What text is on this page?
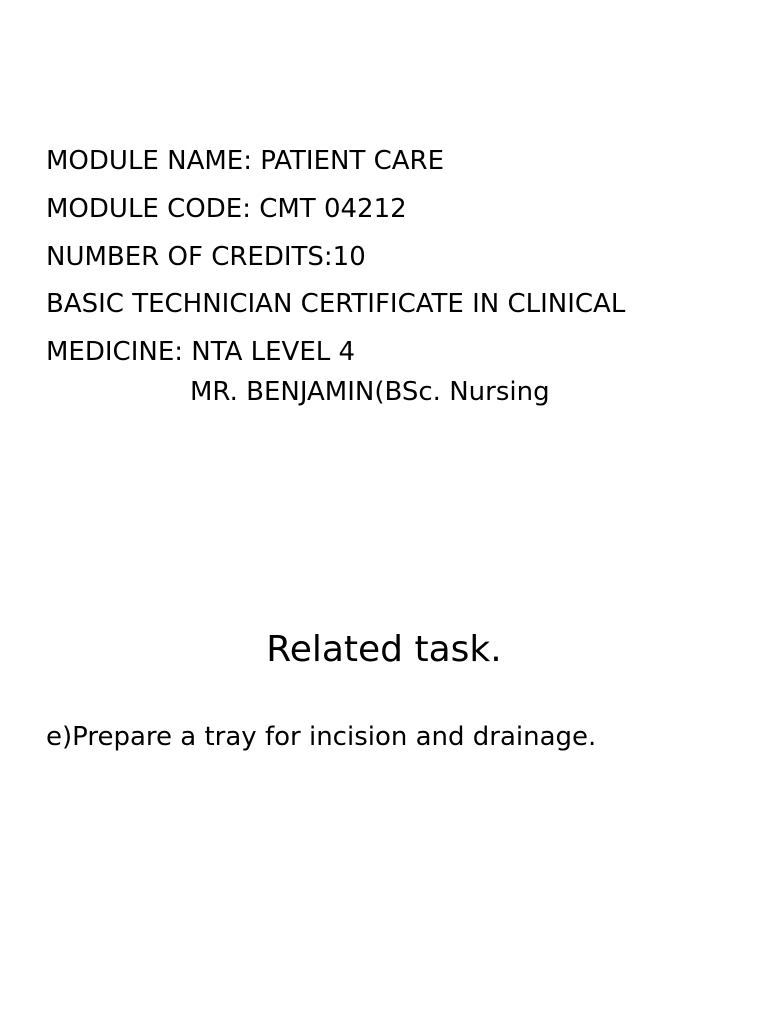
MODULE NAME: PATIENT CARE
MODULE CODE: CMT 04212
NUMBER OF CREDITS:10
BASIC TECHNICIAN CERTIFICATE IN CLINICAL
MEDICINE: NTA LEVEL 4
MR. BENJAMIN(BSc. Nursing
Related task.
e)Prepare a tray for incision and drainage.
